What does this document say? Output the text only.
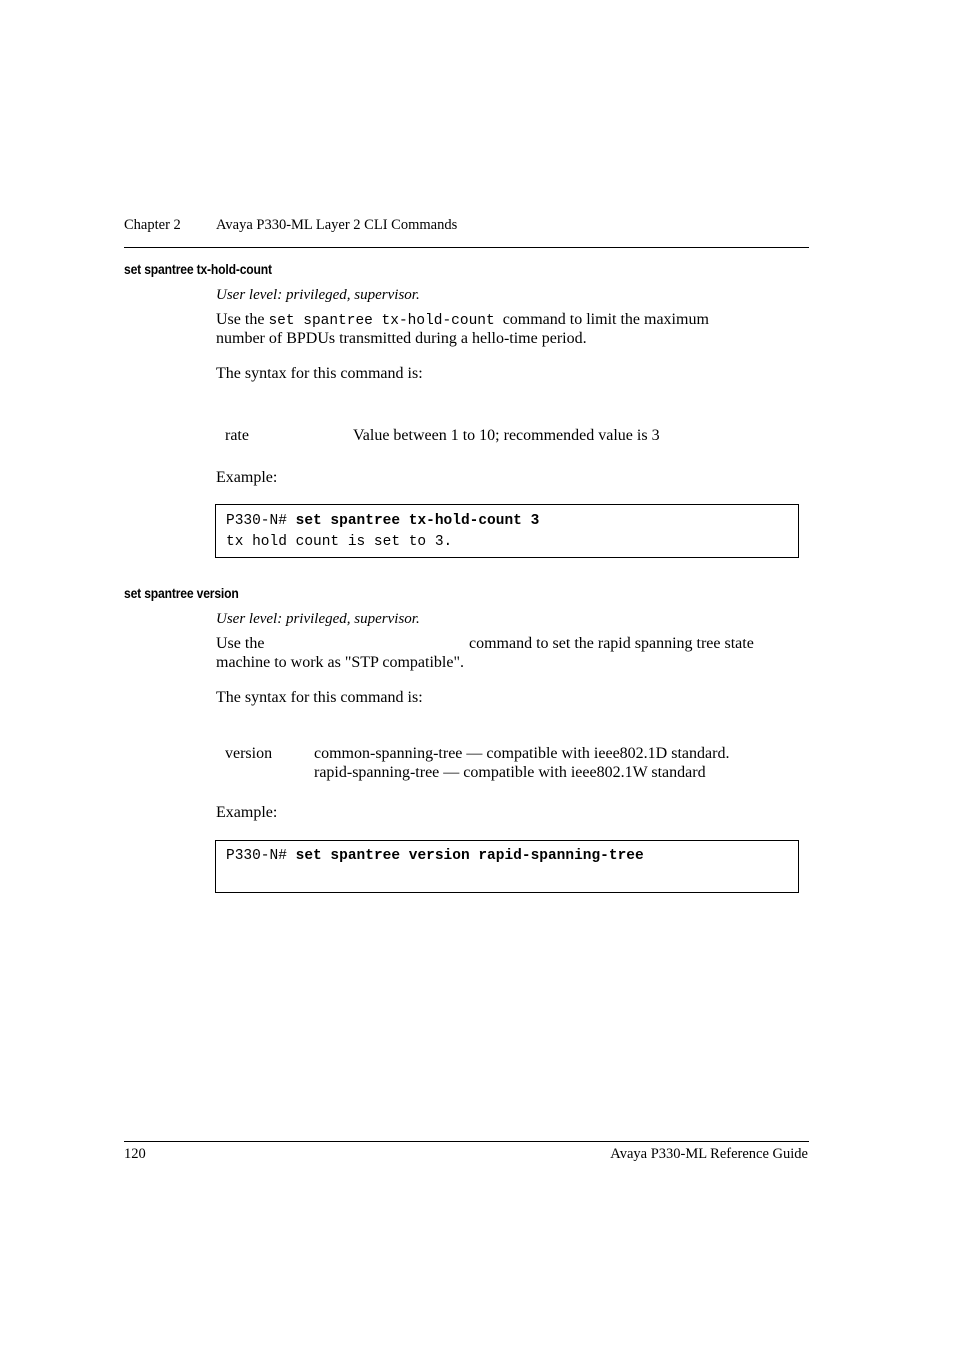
Chapter 2 Avaya P330-ML Layer 2 CLI Commands
set spantree tx-hold-count
User level: privileged, supervisor.
Use the set spantree tx-hold-count command to limit the maximum
number of BPDUs transmitted during a hello-time period.
The syntax for this command is:
rate	Value between 1 to 10; recommended value is 3
Example:
P330-N# set spantree tx-hold-count 3
tx hold count is set to 3.
set spantree version
User level: privileged, supervisor.
Use the	command to set the rapid spanning tree state
machine to work as "STP compatible".
The syntax for this command is:
version	common-spanning-tree — compatible with ieee802.1D standard.
rapid-spanning-tree — compatible with ieee802.1W standard
Example:
P330-N# set spantree version rapid-spanning-tree
120	Avaya P330-ML Reference Guide
